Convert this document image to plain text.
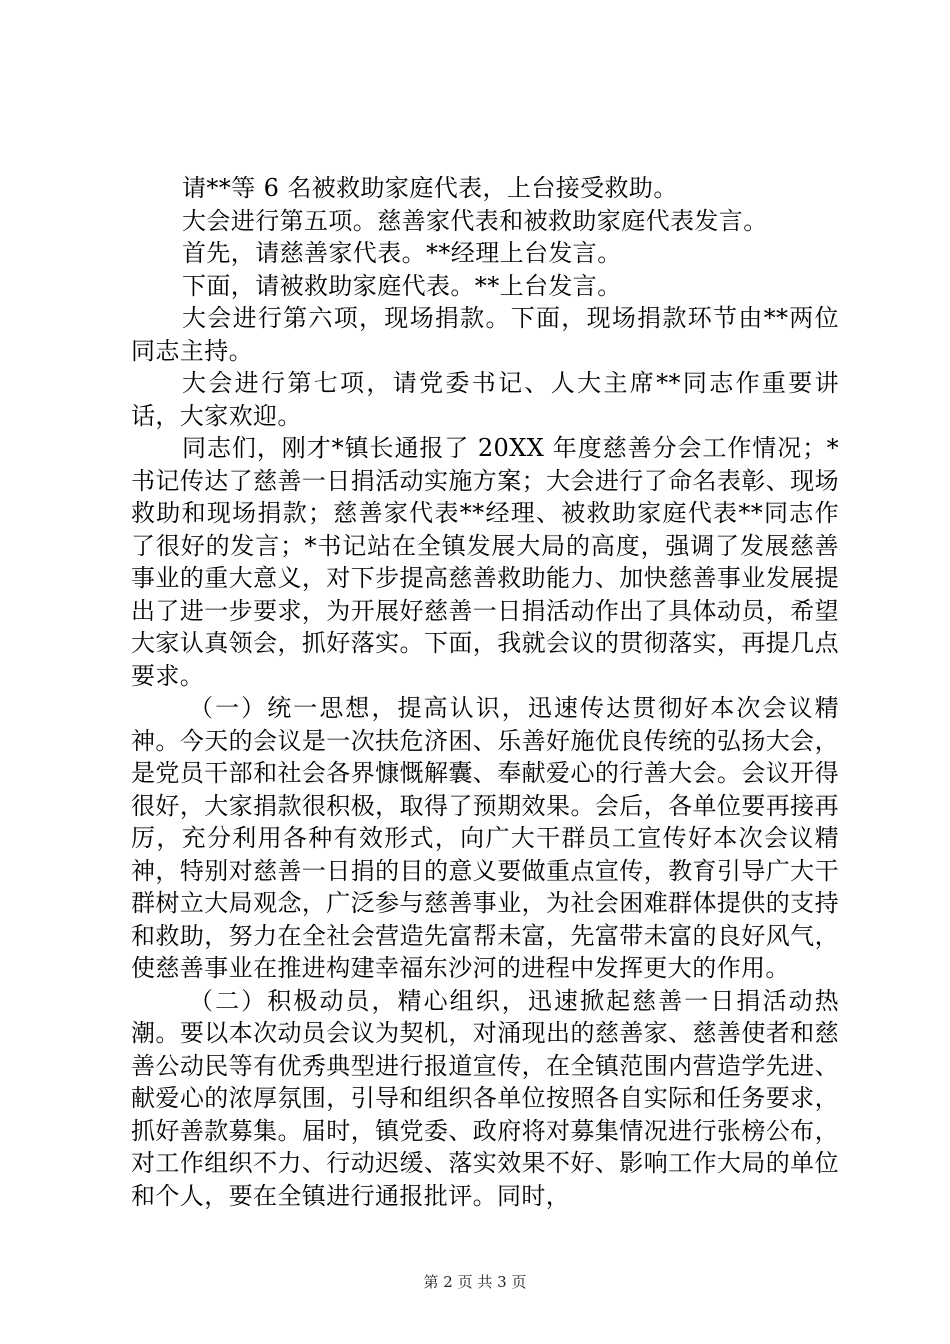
请**等 6 名被救助家庭代表，上台接受救助。

大会进行第五项。慈善家代表和被救助家庭代表发言。

首先，请慈善家代表。**经理上台发言。

下面，请被救助家庭代表。**上台发言。

大会进行第六项，现场捐款。下面，现场捐款环节由**两位同志主持。

大会进行第七项，请党委书记、人大主席**同志作重要讲话，大家欢迎。

同志们，刚才*镇长通报了 20XX 年度慈善分会工作情况；*书记传达了慈善一日捐活动实施方案；大会进行了命名表彰、现场救助和现场捐款；慈善家代表**经理、被救助家庭代表**同志作了很好的发言；*书记站在全镇发展大局的高度，强调了发展慈善事业的重大意义，对下步提高慈善救助能力、加快慈善事业发展提出了进一步要求，为开展好慈善一日捐活动作出了具体动员，希望大家认真领会，抓好落实。下面，我就会议的贯彻落实，再提几点要求。

（一）统一思想，提高认识，迅速传达贯彻好本次会议精神。今天的会议是一次扶危济困、乐善好施优良传统的弘扬大会，是党员干部和社会各界慷慨解囊、奉献爱心的行善大会。会议开得很好，大家捐款很积极，取得了预期效果。会后，各单位要再接再厉，充分利用各种有效形式，向广大干群员工宣传好本次会议精神，特别对慈善一日捐的目的意义要做重点宣传，教育引导广大干群树立大局观念，广泛参与慈善事业，为社会困难群体提供的支持和救助，努力在全社会营造先富帮未富，先富带未富的良好风气，使慈善事业在推进构建幸福东沙河的进程中发挥更大的作用。

（二）积极动员，精心组织，迅速掀起慈善一日捐活动热潮。要以本次动员会议为契机，对涌现出的慈善家、慈善使者和慈善公动民等有优秀典型进行报道宣传，在全镇范围内营造学先进、献爱心的浓厚氛围，引导和组织各单位按照各自实际和任务要求，抓好善款募集。届时，镇党委、政府将对募集情况进行张榜公布，对工作组织不力、行动迟缓、落实效果不好、影响工作大局的单位和个人，要在全镇进行通报批评。同时，

第 2 页 共 3 页
